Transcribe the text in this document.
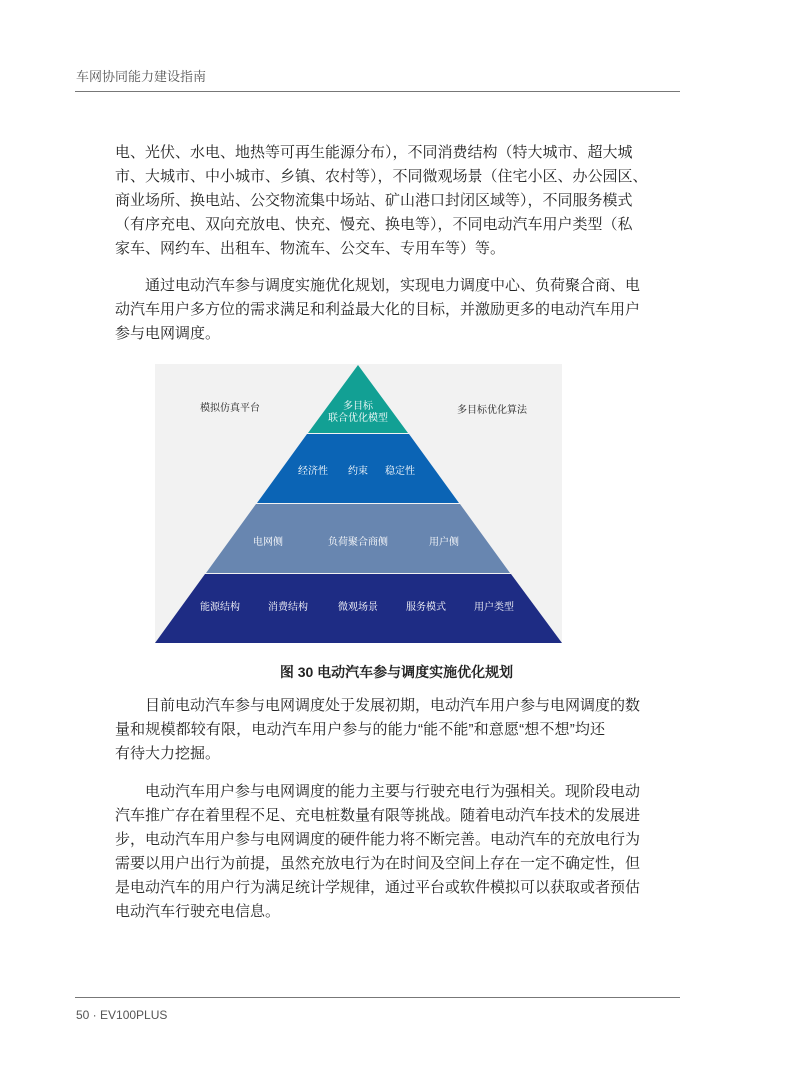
车网协同能力建设指南
电、光伏、水电、地热等可再生能源分布），不同消费结构（特大城市、超大城
市、大城市、中小城市、乡镇、农村等），不同微观场景（住宅小区、办公园区、
商业场所、换电站、公交物流集中场站、矿山港口封闭区域等），不同服务模式
（有序充电、双向充放电、快充、慢充、换电等），不同电动汽车用户类型（私
家车、网约车、出租车、物流车、公交车、专用车等）等。
通过电动汽车参与调度实施优化规划，实现电力调度中心、负荷聚合商、电
动汽车用户多方位的需求满足和利益最大化的目标，并激励更多的电动汽车用户
参与电网调度。
模拟仿真平台	多目标优化算法
多目标
联合优化模型
经济性 约束 稳定性
电网侧	负荷聚合商侧	用户侧
能源结构	消费结构	微观场景	服务模式	用户类型
图 30 电动汽车参与调度实施优化规划
目前电动汽车参与电网调度处于发展初期，电动汽车用户参与电网调度的数
量和规模都较有限，电动汽车用户参与的能力“能不能”和意愿“想不想”均还
有待大力挖掘。
电动汽车用户参与电网调度的能力主要与行驶充电行为强相关。现阶段电动
汽车推广存在着里程不足、充电桩数量有限等挑战。随着电动汽车技术的发展进
步，电动汽车用户参与电网调度的硬件能力将不断完善。电动汽车的充放电行为
需要以用户出行为前提，虽然充放电行为在时间及空间上存在一定不确定性，但
是电动汽车的用户行为满足统计学规律，通过平台或软件模拟可以获取或者预估
电动汽车行驶充电信息。
50 · EV100PLUS
